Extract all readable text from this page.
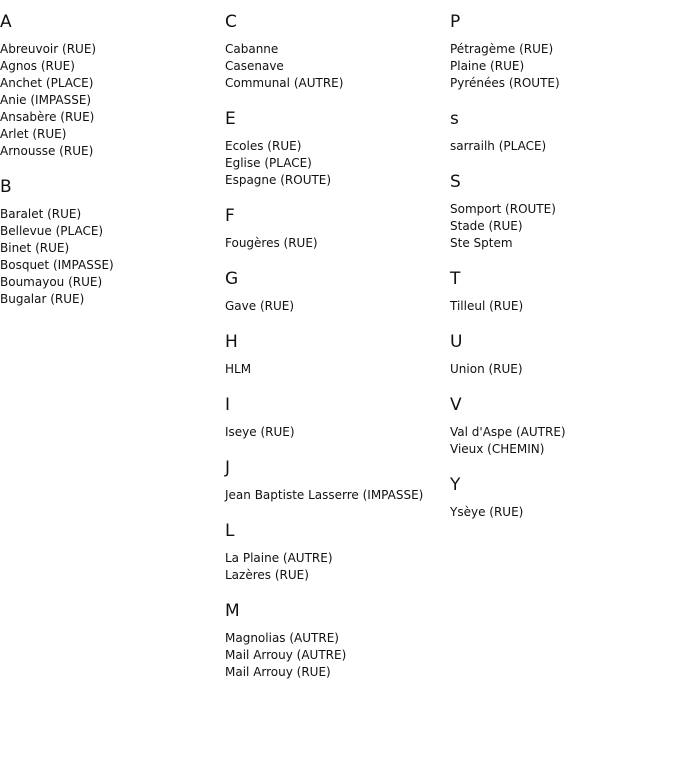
A
Abreuvoir (RUE)
Agnos (RUE)
Anchet (PLACE)
Anie (IMPASSE)
Ansabère (RUE)
Arlet (RUE)
Arnousse (RUE)
B
Baralet (RUE)
Bellevue (PLACE)
Binet (RUE)
Bosquet (IMPASSE)
Boumayou (RUE)
Bugalar (RUE)
C
Cabanne
Casenave
Communal (AUTRE)
E
Ecoles (RUE)
Eglise (PLACE)
Espagne (ROUTE)
F
Fougères (RUE)
G
Gave (RUE)
H
HLM
I
Iseye (RUE)
J
Jean Baptiste Lasserre (IMPASSE)
L
La Plaine (AUTRE)
Lazères (RUE)
M
Magnolias (AUTRE)
Mail Arrouy (AUTRE)
Mail Arrouy (RUE)
P
Pétragème (RUE)
Plaine (RUE)
Pyrénées (ROUTE)
s
sarrailh (PLACE)
S
Somport (ROUTE)
Stade (RUE)
Ste Sptem
T
Tilleul (RUE)
U
Union (RUE)
V
Val d'Aspe (AUTRE)
Vieux (CHEMIN)
Y
Ysèye (RUE)
